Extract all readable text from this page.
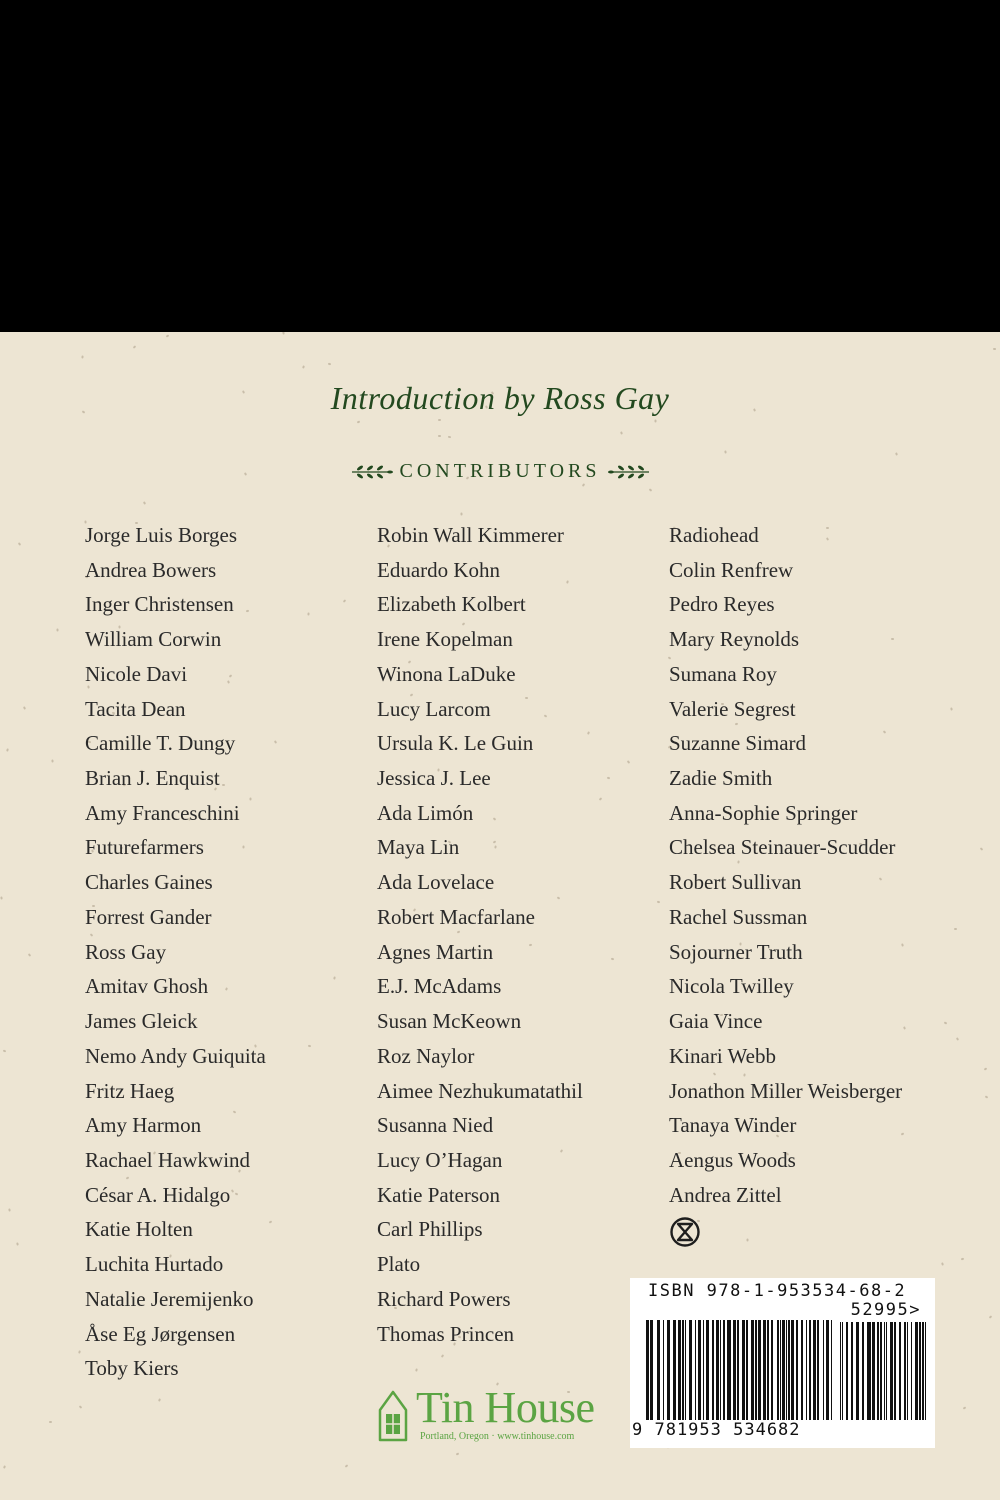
Introduction by Ross Gay
CONTRIBUTORS
Jorge Luis Borges
Andrea Bowers
Inger Christensen
William Corwin
Nicole Davi
Tacita Dean
Camille T. Dungy
Brian J. Enquist
Amy Franceschini
Futurefarmers
Charles Gaines
Forrest Gander
Ross Gay
Amitav Ghosh
James Gleick
Nemo Andy Guiquita
Fritz Haeg
Amy Harmon
Rachael Hawkwind
César A. Hidalgo
Katie Holten
Luchita Hurtado
Natalie Jeremijenko
Åse Eg Jørgensen
Toby Kiers
Robin Wall Kimmerer
Eduardo Kohn
Elizabeth Kolbert
Irene Kopelman
Winona LaDuke
Lucy Larcom
Ursula K. Le Guin
Jessica J. Lee
Ada Limón
Maya Lin
Ada Lovelace
Robert Macfarlane
Agnes Martin
E.J. McAdams
Susan McKeown
Roz Naylor
Aimee Nezhukumatathil
Susanna Nied
Lucy O’Hagan
Katie Paterson
Carl Phillips
Plato
Richard Powers
Thomas Princen
Radiohead
Colin Renfrew
Pedro Reyes
Mary Reynolds
Sumana Roy
Valerie Segrest
Suzanne Simard
Zadie Smith
Anna-Sophie Springer
Chelsea Steinauer-Scudder
Robert Sullivan
Rachel Sussman
Sojourner Truth
Nicola Twilley
Gaia Vince
Kinari Webb
Jonathon Miller Weisberger
Tanaya Winder
Aengus Woods
Andrea Zittel
Tin House
Portland, Oregon · www.tinhouse.com
ISBN 978-1-953534-68-2
52995>
9 781953 534682
